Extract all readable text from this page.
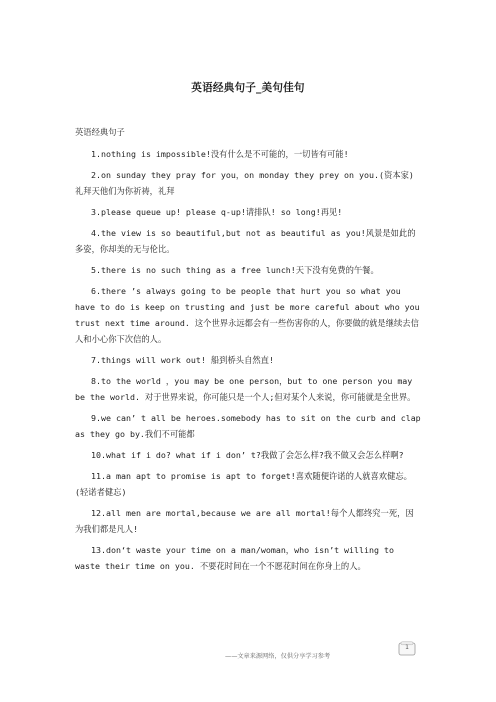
英语经典句子_美句佳句

英语经典句子

1.nothing is impossible!没有什么是不可能的，一切皆有可能!

2.on sunday they pray for you，on monday they prey on you.(资本家)礼拜天他们为你祈祷，礼拜

3.please queue up! please q-up!请排队! so long!再见!

4.the view is so beautiful,but not as beautiful as you!风景是如此的多姿，你却美的无与伦比。

5.there is no such thing as a free lunch!天下没有免费的午餐。

6.there ’s always going to be people that hurt you so what you have to do is keep on trusting and just be more careful about who you trust next time around. 这个世界永远都会有一些伤害你的人，你要做的就是继续去信人和小心你下次信的人。

7.things will work out! 船到桥头自然直!

8.to the world ，you may be one person，but to one person you may be the world. 对于世界来说，你可能只是一个人;但对某个人来说，你可能就是全世界。

9.we can’ t all be heroes.somebody has to sit on the curb and clap as they go by.我们不可能都

10.what if i do? what if i don’ t?我做了会怎么样?我不做又会怎么样啊?

11.a man apt to promise is apt to forget!喜欢随便许诺的人就喜欢健忘。(轻诺者健忘)

12.all men are mortal,because we are all mortal!每个人都终究一死，因为我们都是凡人!

13.don‘t waste your time on a man/woman，who isn’t willing to waste their time on you. 不要花时间在一个不愿花时间在你身上的人。

1
——文章来源网络，仅供分享学习参考
